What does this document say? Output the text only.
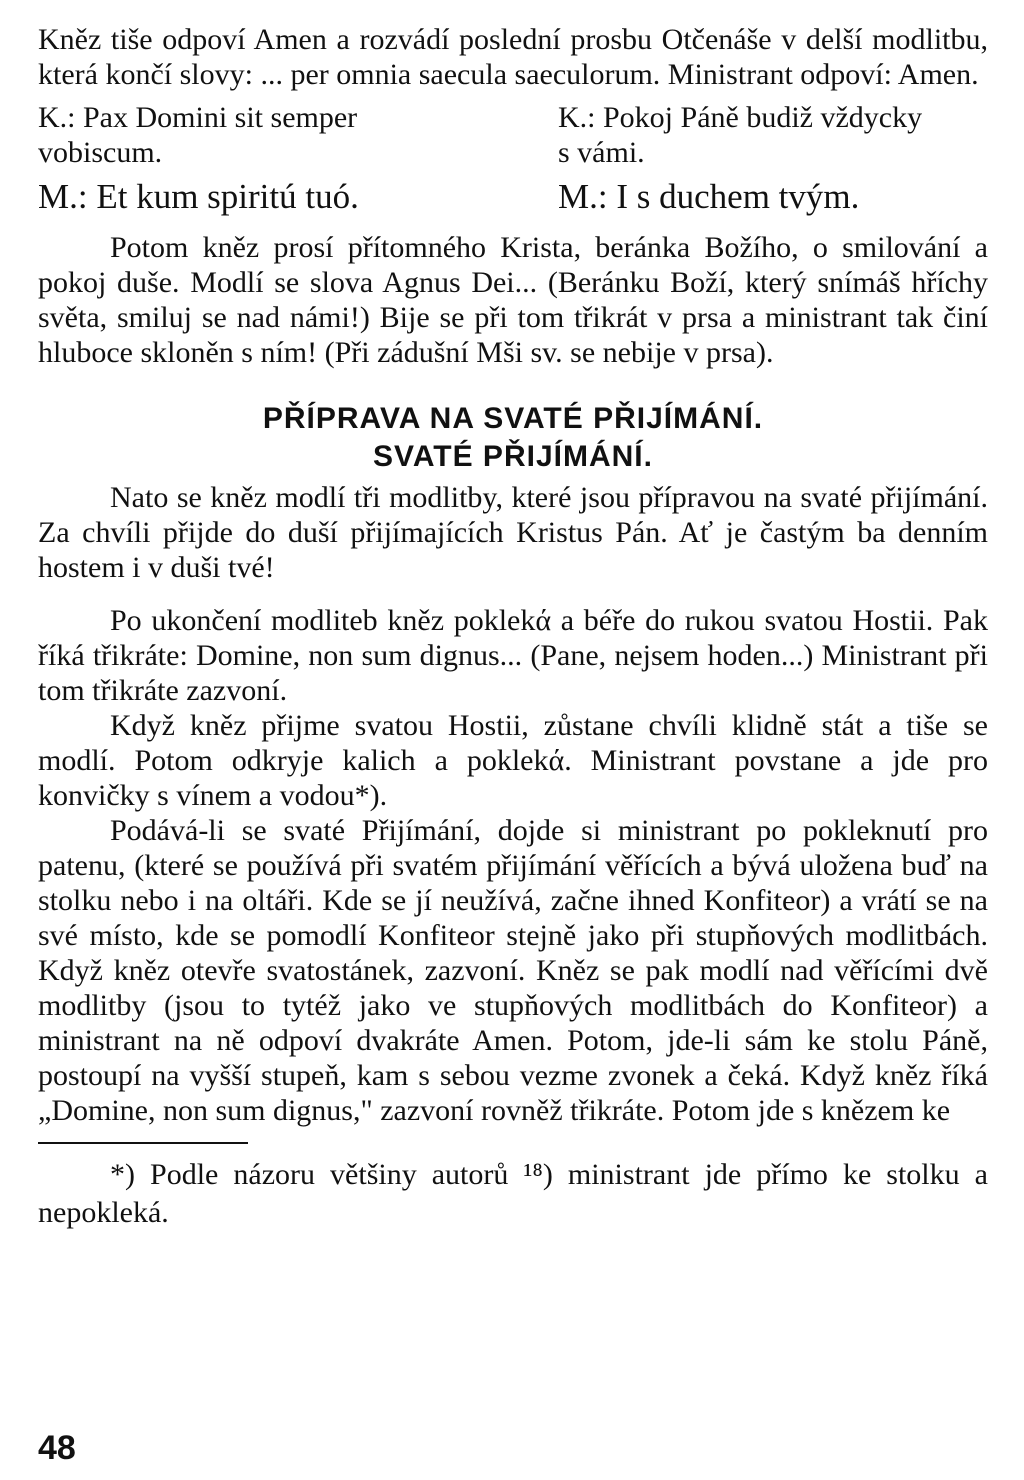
Kněz tiše odpoví Amen a rozvádí poslední prosbu Otčenáše v delší modlitbu, která končí slovy: ... per omnia saecula saeculorum. Ministrant odpoví: Amen.

K.: Pax Domini sit semper
vobiscum.
M.: Et kum spiritú tuó.
K.: Pokoj Páně budiž vždycky
s vámi.
M.: I s duchem tvým.

Potom kněz prosí přítomného Krista, beránka Božího, o smilování a pokoj duše. Modlí se slova Agnus Dei... (Beránku Boží, který snímáš hříchy světa, smiluj se nad námi!) Bije se při tom třikrát v prsa a ministrant tak činí hluboce skloněn s ním! (Při zádušní Mši sv. se nebije v prsa).

PŘÍPRAVA NA SVATÉ PŘIJÍMÁNÍ.
SVATÉ PŘIJÍMÁNÍ.

Nato se kněz modlí tři modlitby, které jsou přípravou na svaté přijímání. Za chvíli přijde do duší přijímajících Kristus Pán. Ať je častým ba denním hostem i v duši tvé!

Po ukončení modliteb kněz poklekά a béře do rukou svatou Hostii. Pak říká třikráte: Domine, non sum dignus... (Pane, nejsem hoden...) Ministrant při tom třikráte zazvoní.

Když kněz přijme svatou Hostii, zůstane chvíli klidně stát a tiše se modlí. Potom odkryje kalich a poklekά. Ministrant povstane a jde pro konvičky s vínem a vodou*).

Podává-li se svaté Přijímání, dojde si ministrant po pokleknutí pro patenu, (které se používá při svatém přijímání věřících a bývá uložena buď na stolku nebo i na oltáři. Kde se jí neužívá, začne ihned Konfiteor) a vrátí se na své místo, kde se pomodlí Konfiteor stejně jako při stupňových modlitbách. Když kněz otevře svatostánek, zazvoní. Kněz se pak modlí nad věřícími dvě modlitby (jsou to tytéž jako ve stupňových modlitbách do Konfiteor) a ministrant na ně odpoví dvakráte Amen. Potom, jde-li sám ke stolu Páně, postoupí na vyšší stupeň, kam s sebou vezme zvonek a čeká. Když kněz říká „Domine, non sum dignus," zazvoní rovněž třikráte. Potom jde s knězem ke

*) Podle názoru většiny autorů ¹⁸) ministrant jde přímo ke stolku a nepokleká.

48
